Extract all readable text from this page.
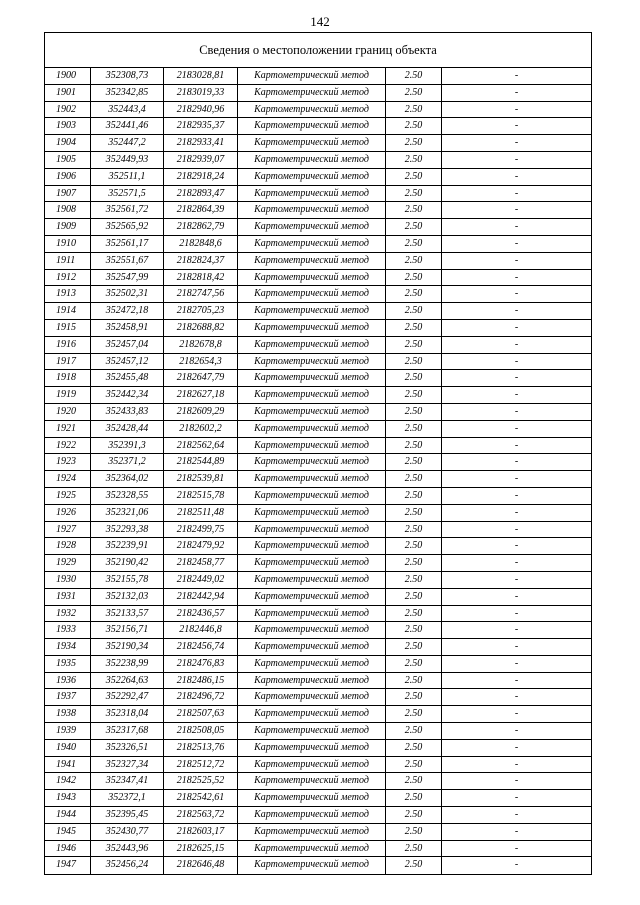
142
Сведения о местоположении границ объекта
1900	352308,73	2183028,81	Картометрический метод	2.50	-
1901	352342,85	2183019,33	Картометрический метод	2.50	-
1902	352443,4	2182940,96	Картометрический метод	2.50	-
1903	352441,46	2182935,37	Картометрический метод	2.50	-
1904	352447,2	2182933,41	Картометрический метод	2.50	-
1905	352449,93	2182939,07	Картометрический метод	2.50	-
1906	352511,1	2182918,24	Картометрический метод	2.50	-
1907	352571,5	2182893,47	Картометрический метод	2.50	-
1908	352561,72	2182864,39	Картометрический метод	2.50	-
1909	352565,92	2182862,79	Картометрический метод	2.50	-
1910	352561,17	2182848,6	Картометрический метод	2.50	-
1911	352551,67	2182824,37	Картометрический метод	2.50	-
1912	352547,99	2182818,42	Картометрический метод	2.50	-
1913	352502,31	2182747,56	Картометрический метод	2.50	-
1914	352472,18	2182705,23	Картометрический метод	2.50	-
1915	352458,91	2182688,82	Картометрический метод	2.50	-
1916	352457,04	2182678,8	Картометрический метод	2.50	-
1917	352457,12	2182654,3	Картометрический метод	2.50	-
1918	352455,48	2182647,79	Картометрический метод	2.50	-
1919	352442,34	2182627,18	Картометрический метод	2.50	-
1920	352433,83	2182609,29	Картометрический метод	2.50	-
1921	352428,44	2182602,2	Картометрический метод	2.50	-
1922	352391,3	2182562,64	Картометрический метод	2.50	-
1923	352371,2	2182544,89	Картометрический метод	2.50	-
1924	352364,02	2182539,81	Картометрический метод	2.50	-
1925	352328,55	2182515,78	Картометрический метод	2.50	-
1926	352321,06	2182511,48	Картометрический метод	2.50	-
1927	352293,38	2182499,75	Картометрический метод	2.50	-
1928	352239,91	2182479,92	Картометрический метод	2.50	-
1929	352190,42	2182458,77	Картометрический метод	2.50	-
1930	352155,78	2182449,02	Картометрический метод	2.50	-
1931	352132,03	2182442,94	Картометрический метод	2.50	-
1932	352133,57	2182436,57	Картометрический метод	2.50	-
1933	352156,71	2182446,8	Картометрический метод	2.50	-
1934	352190,34	2182456,74	Картометрический метод	2.50	-
1935	352238,99	2182476,83	Картометрический метод	2.50	-
1936	352264,63	2182486,15	Картометрический метод	2.50	-
1937	352292,47	2182496,72	Картометрический метод	2.50	-
1938	352318,04	2182507,63	Картометрический метод	2.50	-
1939	352317,68	2182508,05	Картометрический метод	2.50	-
1940	352326,51	2182513,76	Картометрический метод	2.50	-
1941	352327,34	2182512,72	Картометрический метод	2.50	-
1942	352347,41	2182525,52	Картометрический метод	2.50	-
1943	352372,1	2182542,61	Картометрический метод	2.50	-
1944	352395,45	2182563,72	Картометрический метод	2.50	-
1945	352430,77	2182603,17	Картометрический метод	2.50	-
1946	352443,96	2182625,15	Картометрический метод	2.50	-
1947	352456,24	2182646,48	Картометрический метод	2.50	-
